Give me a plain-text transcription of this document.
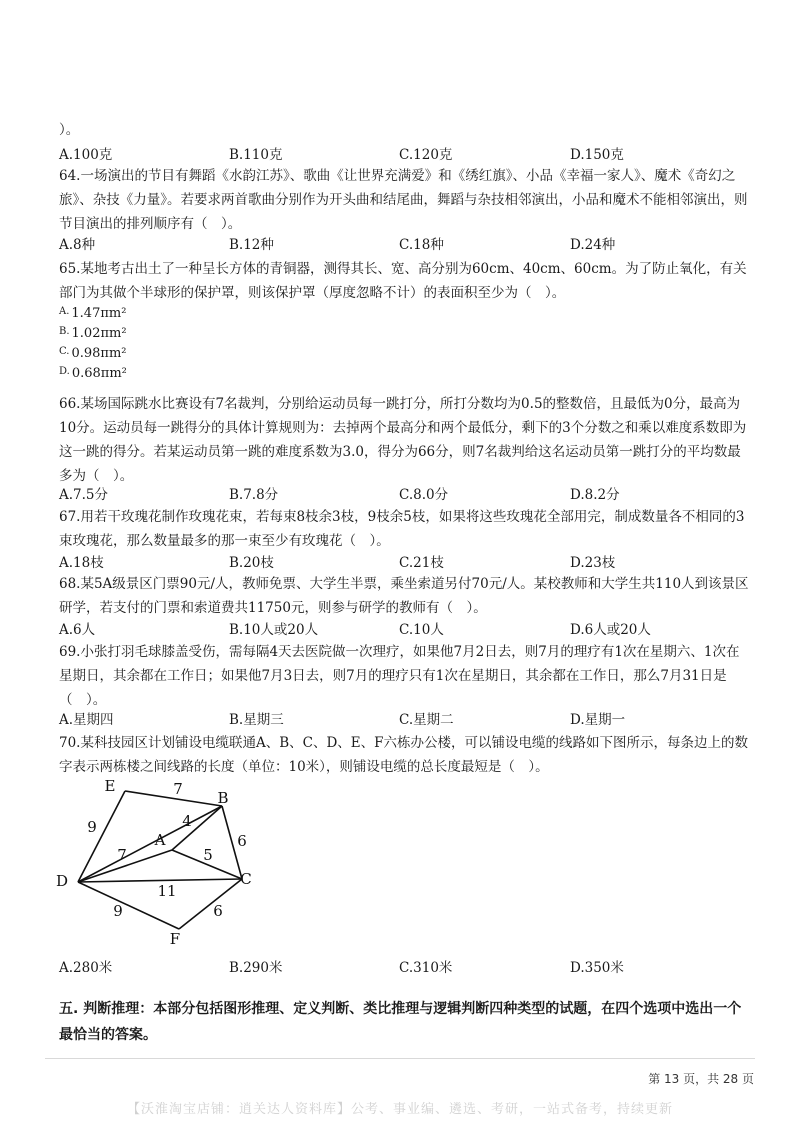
）。
A.100克	B.110克	C.120克	D.150克
64.一场演出的节目有舞蹈《水韵江苏》、歌曲《让世界充满爱》和《绣红旗》、小品《幸福一家人》、魔术《奇幻之旅》、杂技《力量》。若要求两首歌曲分别作为开头曲和结尾曲，舞蹈与杂技相邻演出，小品和魔术不能相邻演出，则节目演出的排列顺序有（　）。
A.8种	B.12种	C.18种	D.24种
65.某地考古出土了一种呈长方体的青铜器，测得其长、宽、高分别为60cm、40cm、60cm。为了防止氧化，有关部门为其做个半球形的保护罩，则该保护罩（厚度忽略不计）的表面积至少为（　）。
$^{A.}$ 1.47πm²
$^{B.}$ 1.02πm²
$^{C.}$ 0.98πm²
$^{D.}$ 0.68πm²
66.某场国际跳水比赛设有7名裁判，分别给运动员每一跳打分，所打分数均为0.5的整数倍，且最低为0分，最高为10分。运动员每一跳得分的具体计算规则为：去掉两个最高分和两个最低分，剩下的3个分数之和乘以难度系数即为这一跳的得分。若某运动员第一跳的难度系数为3.0，得分为66分，则7名裁判给这名运动员第一跳打分的平均数最多为（　）。
A.7.5分	B.7.8分	C.8.0分	D.8.2分
67.用若干玫瑰花制作玫瑰花束，若每束8枝余3枝，9枝余5枝，如果将这些玫瑰花全部用完，制成数量各不相同的3束玫瑰花，那么数量最多的那一束至少有玫瑰花（　）。
A.18枝	B.20枝	C.21枝	D.23枝
68.某5A级景区门票90元/人，教师免票、大学生半票，乘坐索道另付70元/人。某校教师和大学生共110人到该景区研学，若支付的门票和索道费共11750元，则参与研学的教师有（　）。
A.6人	B.10人或20人	C.10人	D.6人或20人
69.小张打羽毛球膝盖受伤，需每隔4天去医院做一次理疗，如果他7月2日去，则7月的理疗有1次在星期六、1次在星期日，其余都在工作日；如果他7月3日去，则7月的理疗只有1次在星期日，其余都在工作日，那么7月31日是（　）。
A.星期四	B.星期三	C.星期二	D.星期一
70.某科技园区计划铺设电缆联通A、B、C、D、E、F六栋办公楼，可以铺设电缆的线路如下图所示，每条边上的数字表示两栋楼之间线路的长度（单位：10米），则铺设电缆的总长度最短是（　）。
7
9	4
6
7	5
11
9	6
E
B
A
D	C
F
A.280米	B.290米	C.310米	D.350米
五. 判断推理：本部分包括图形推理、定义判断、类比推理与逻辑判断四种类型的试题，在四个选项中选出一个最恰当的答案。
第 13 页，共 28 页
【沃淮淘宝店铺：逍关达人资料库】公考、事业编、遴选、考研，一站式备考，持续更新
